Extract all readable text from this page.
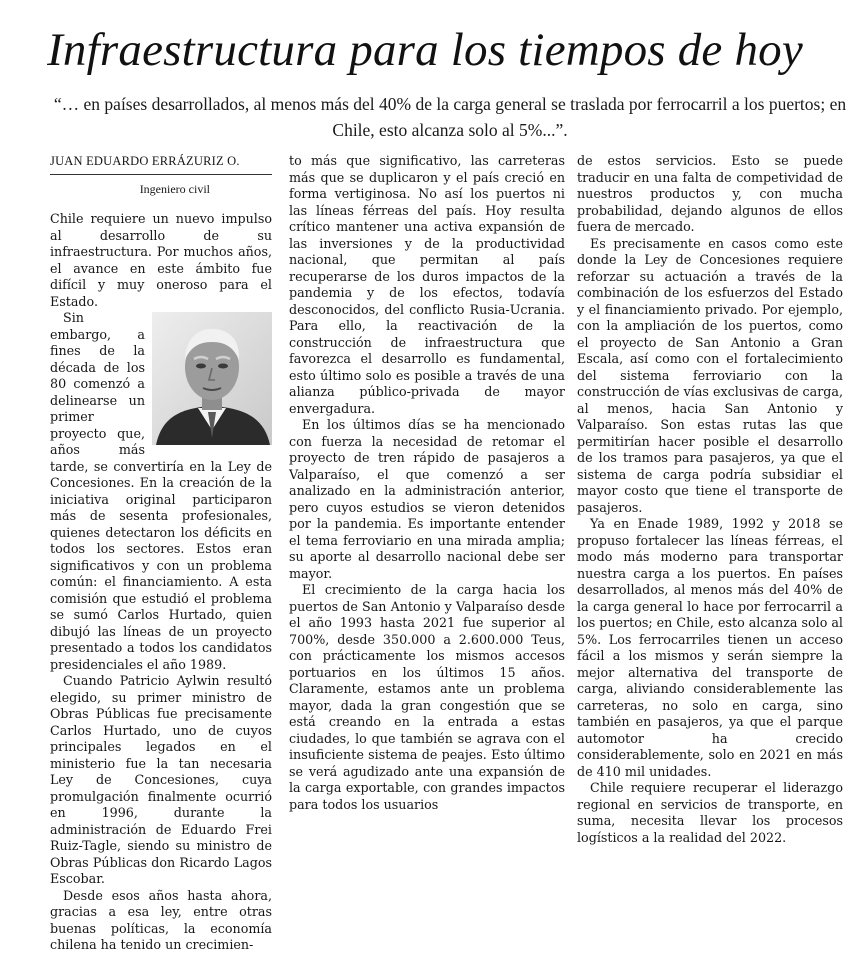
Infraestructura para los tiempos de hoy

“… en países desarrollados, al menos más del 40% de la carga general se traslada por ferrocarril a los puertos; en Chile, esto alcanza solo al 5%...”.

JUAN EDUARDO ERRÁZURIZ O.
Ingeniero civil

Chile requiere un nuevo impulso al desarrollo de su infraestructura. Por muchos años, el avance en este ámbito fue difícil y muy oneroso para el Estado.

Sin embargo, a fines de la década de los 80 comenzó a delinearse un primer proyecto que, años más tarde, se convertiría en la Ley de Concesiones. En la creación de la iniciativa original participaron más de sesenta profesionales, quienes detectaron los déficits en todos los sectores. Estos eran significativos y con un problema común: el financiamiento. A esta comisión que estudió el problema se sumó Carlos Hurtado, quien dibujó las líneas de un proyecto presentado a todos los candidatos presidenciales el año 1989.

Cuando Patricio Aylwin resultó elegido, su primer ministro de Obras Públicas fue precisamente Carlos Hurtado, uno de cuyos principales legados en el ministerio fue la tan necesaria Ley de Concesiones, cuya promulgación finalmente ocurrió en 1996, durante la administración de Eduardo Frei Ruiz-Tagle, siendo su ministro de Obras Públicas don Ricardo Lagos Escobar.

Desde esos años hasta ahora, gracias a esa ley, entre otras buenas políticas, la economía chilena ha tenido un crecimien-

to más que significativo, las carreteras más que se duplicaron y el país creció en forma vertiginosa. No así los puertos ni las líneas férreas del país. Hoy resulta crítico mantener una activa expansión de las inversiones y de la productividad nacional, que permitan al país recuperarse de los duros impactos de la pandemia y de los efectos, todavía desconocidos, del conflicto Rusia-Ucrania. Para ello, la reactivación de la construcción de infraestructura que favorezca el desarrollo es fundamental, esto último solo es posible a través de una alianza público-privada de mayor envergadura.

En los últimos días se ha mencionado con fuerza la necesidad de retomar el proyecto de tren rápido de pasajeros a Valparaíso, el que comenzó a ser analizado en la administración anterior, pero cuyos estudios se vieron detenidos por la pandemia. Es importante entender el tema ferroviario en una mirada amplia; su aporte al desarrollo nacional debe ser mayor.

El crecimiento de la carga hacia los puertos de San Antonio y Valparaíso desde el año 1993 hasta 2021 fue superior al 700%, desde 350.000 a 2.600.000 Teus, con prácticamente los mismos accesos portuarios en los últimos 15 años. Claramente, estamos ante un problema mayor, dada la gran congestión que se está creando en la entrada a estas ciudades, lo que también se agrava con el insuficiente sistema de peajes. Esto último se verá agudizado ante una expansión de la carga exportable, con grandes impactos para todos los usuarios

de estos servicios. Esto se puede traducir en una falta de competividad de nuestros productos y, con mucha probabilidad, dejando algunos de ellos fuera de mercado.

Es precisamente en casos como este donde la Ley de Concesiones requiere reforzar su actuación a través de la combinación de los esfuerzos del Estado y el financiamiento privado. Por ejemplo, con la ampliación de los puertos, como el proyecto de San Antonio a Gran Escala, así como con el fortalecimiento del sistema ferroviario con la construcción de vías exclusivas de carga, al menos, hacia San Antonio y Valparaíso. Son estas rutas las que permitirían hacer posible el desarrollo de los tramos para pasajeros, ya que el sistema de carga podría subsidiar el mayor costo que tiene el transporte de pasajeros.

Ya en Enade 1989, 1992 y 2018 se propuso fortalecer las líneas férreas, el modo más moderno para transportar nuestra carga a los puertos. En países desarrollados, al menos más del 40% de la carga general lo hace por ferrocarril a los puertos; en Chile, esto alcanza solo al 5%. Los ferrocarriles tienen un acceso fácil a los mismos y serán siempre la mejor alternativa del transporte de carga, aliviando considerablemente las carreteras, no solo en carga, sino también en pasajeros, ya que el parque automotor ha crecido considerablemente, solo en 2021 en más de 410 mil unidades.

Chile requiere recuperar el liderazgo regional en servicios de transporte, en suma, necesita llevar los procesos logísticos a la realidad del 2022.
